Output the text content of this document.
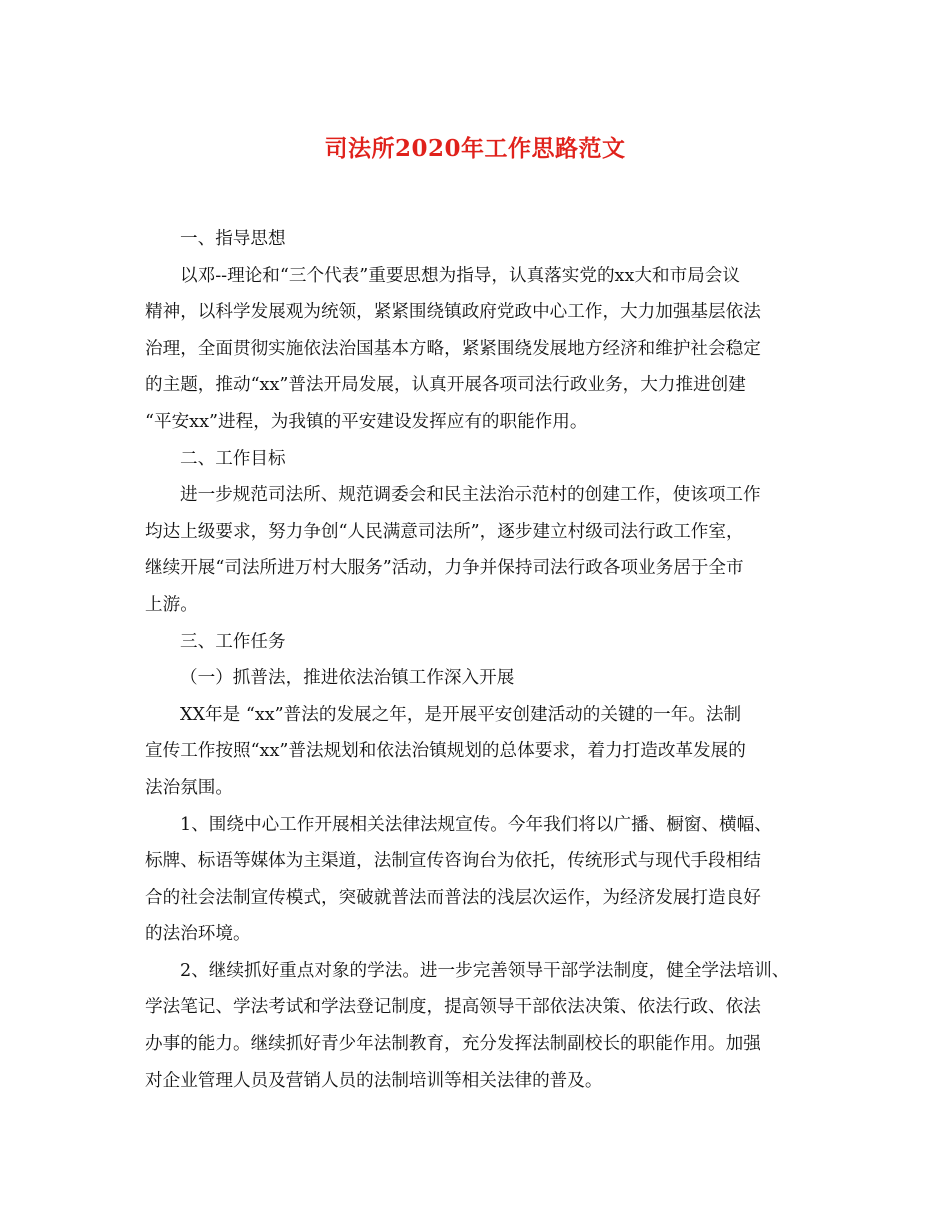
司法所2020年工作思路范文
一、指导思想
以邓--理论和“三个代表”重要思想为指导，认真落实党的xx大和市局会议
精神，以科学发展观为统领，紧紧围绕镇政府党政中心工作，大力加强基层依法
治理，全面贯彻实施依法治国基本方略，紧紧围绕发展地方经济和维护社会稳定
的主题，推动“xx”普法开局发展，认真开展各项司法行政业务，大力推进创建
“平安xx”进程，为我镇的平安建设发挥应有的职能作用。
二、工作目标
进一步规范司法所、规范调委会和民主法治示范村的创建工作，使该项工作
均达上级要求，努力争创“人民满意司法所”，逐步建立村级司法行政工作室，
继续开展“司法所进万村大服务”活动，力争并保持司法行政各项业务居于全市
上游。
三、工作任务
（一）抓普法，推进依法治镇工作深入开展
XX年是 “xx”普法的发展之年，是开展平安创建活动的关键的一年。法制
宣传工作按照“xx”普法规划和依法治镇规划的总体要求，着力打造改革发展的
法治氛围。
1、围绕中心工作开展相关法律法规宣传。今年我们将以广播、橱窗、横幅、
标牌、标语等媒体为主渠道，法制宣传咨询台为依托，传统形式与现代手段相结
合的社会法制宣传模式，突破就普法而普法的浅层次运作，为经济发展打造良好
的法治环境。
2、继续抓好重点对象的学法。进一步完善领导干部学法制度，健全学法培训、
学法笔记、学法考试和学法登记制度，提高领导干部依法决策、依法行政、依法
办事的能力。继续抓好青少年法制教育，充分发挥法制副校长的职能作用。加强
对企业管理人员及营销人员的法制培训等相关法律的普及。
